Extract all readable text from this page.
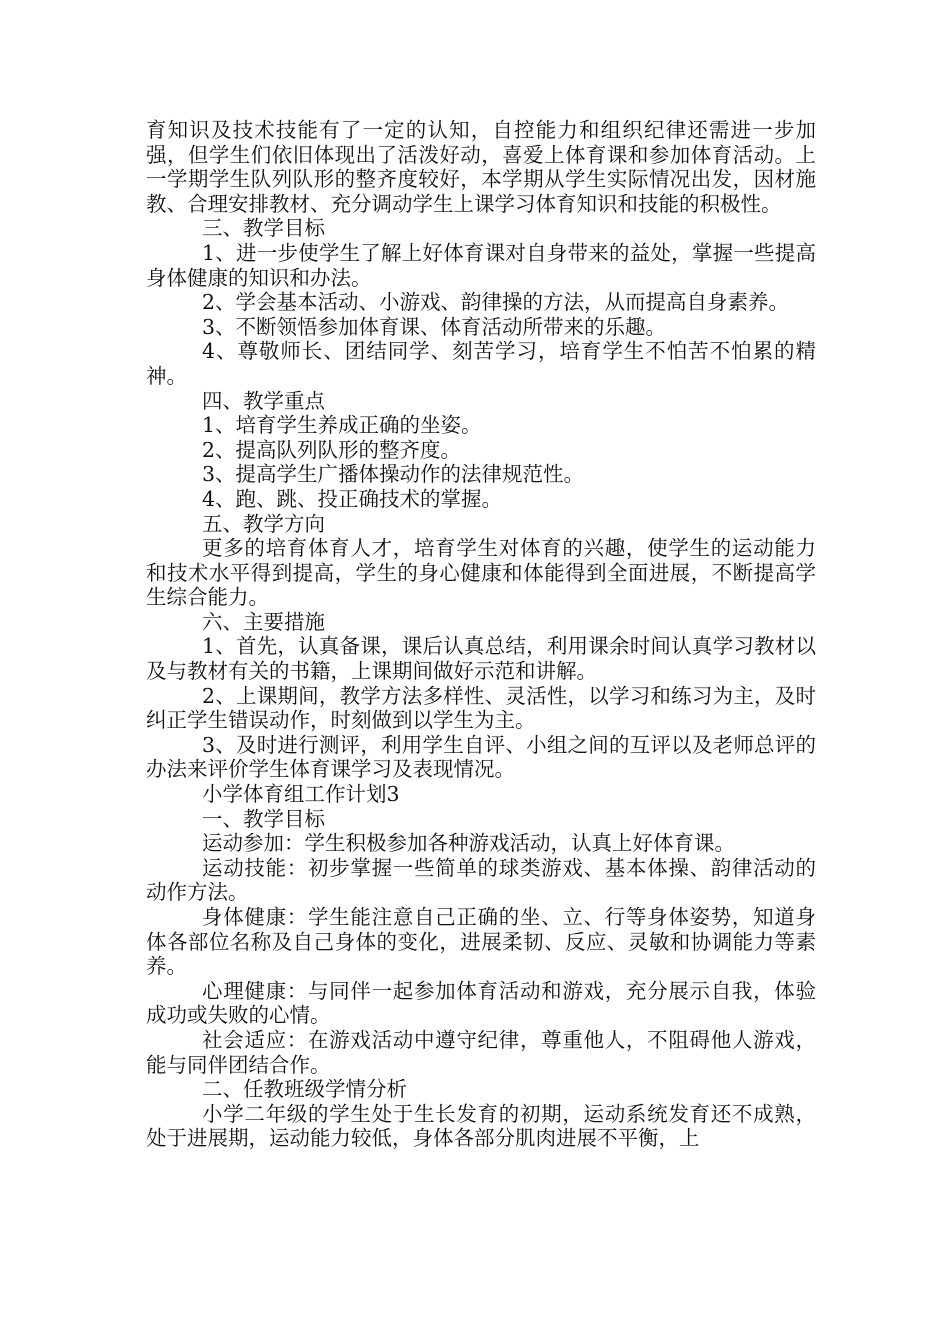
育知识及技术技能有了一定的认知，自控能力和组织纪律还需进一步加强，但学生们依旧体现出了活泼好动，喜爱上体育课和参加体育活动。上一学期学生队列队形的整齐度较好，本学期从学生实际情况出发，因材施教、合理安排教材、充分调动学生上课学习体育知识和技能的积极性。

三、教学目标

1、进一步使学生了解上好体育课对自身带来的益处，掌握一些提高身体健康的知识和办法。

2、学会基本活动、小游戏、韵律操的方法，从而提高自身素养。

3、不断领悟参加体育课、体育活动所带来的乐趣。

4、尊敬师长、团结同学、刻苦学习，培育学生不怕苦不怕累的精神。

四、教学重点

1、培育学生养成正确的坐姿。

2、提高队列队形的整齐度。

3、提高学生广播体操动作的法律规范性。

4、跑、跳、投正确技术的掌握。

五、教学方向

更多的培育体育人才，培育学生对体育的兴趣，使学生的运动能力和技术水平得到提高，学生的身心健康和体能得到全面进展，不断提高学生综合能力。

六、主要措施

1、首先，认真备课，课后认真总结，利用课余时间认真学习教材以及与教材有关的书籍，上课期间做好示范和讲解。

2、上课期间，教学方法多样性、灵活性，以学习和练习为主，及时纠正学生错误动作，时刻做到以学生为主。

3、及时进行测评，利用学生自评、小组之间的互评以及老师总评的办法来评价学生体育课学习及表现情况。

小学体育组工作计划3

一、教学目标

运动参加：学生积极参加各种游戏活动，认真上好体育课。

运动技能：初步掌握一些简单的球类游戏、基本体操、韵律活动的动作方法。

身体健康：学生能注意自己正确的坐、立、行等身体姿势，知道身体各部位名称及自己身体的变化，进展柔韧、反应、灵敏和协调能力等素养。

心理健康：与同伴一起参加体育活动和游戏，充分展示自我，体验成功或失败的心情。

社会适应：在游戏活动中遵守纪律，尊重他人，不阻碍他人游戏，能与同伴团结合作。

二、任教班级学情分析

小学二年级的学生处于生长发育的初期，运动系统发育还不成熟，处于进展期，运动能力较低，身体各部分肌肉进展不平衡，上
